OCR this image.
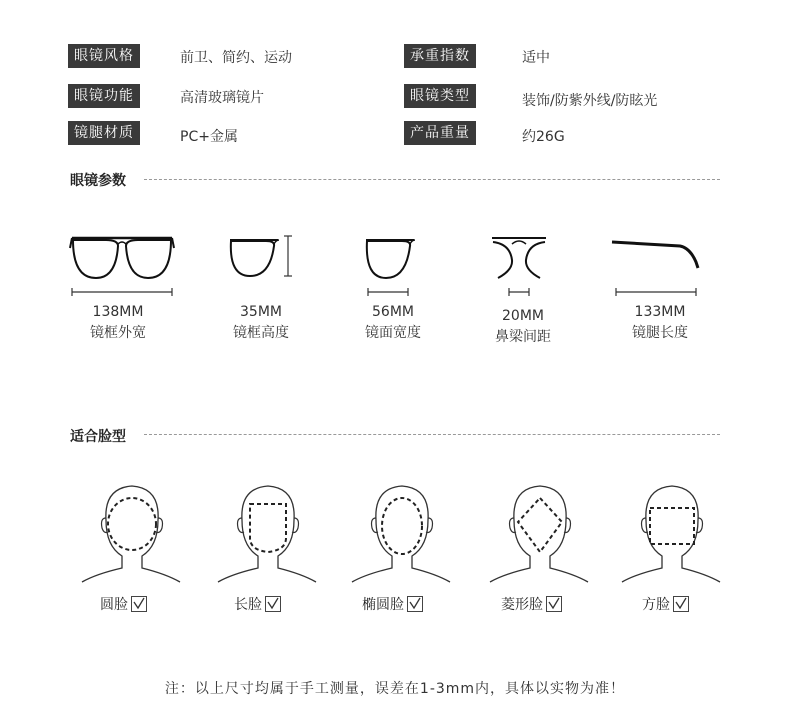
眼镜风格	前卫、简约、运动	承重指数	适中
眼镜功能	高清玻璃镜片	眼镜类型	装饰/防紫外线/防眩光
镜腿材质	PC+金属	产品重量	约26G
眼镜参数
138MM
镜框外宽
35MM
镜框高度
56MM
镜面宽度
20MM
鼻梁间距
133MM
镜腿长度
适合脸型
圆脸	长脸	椭圆脸	菱形脸	方脸
注：以上尺寸均属于手工测量，误差在1-3mm内，具体以实物为准！
